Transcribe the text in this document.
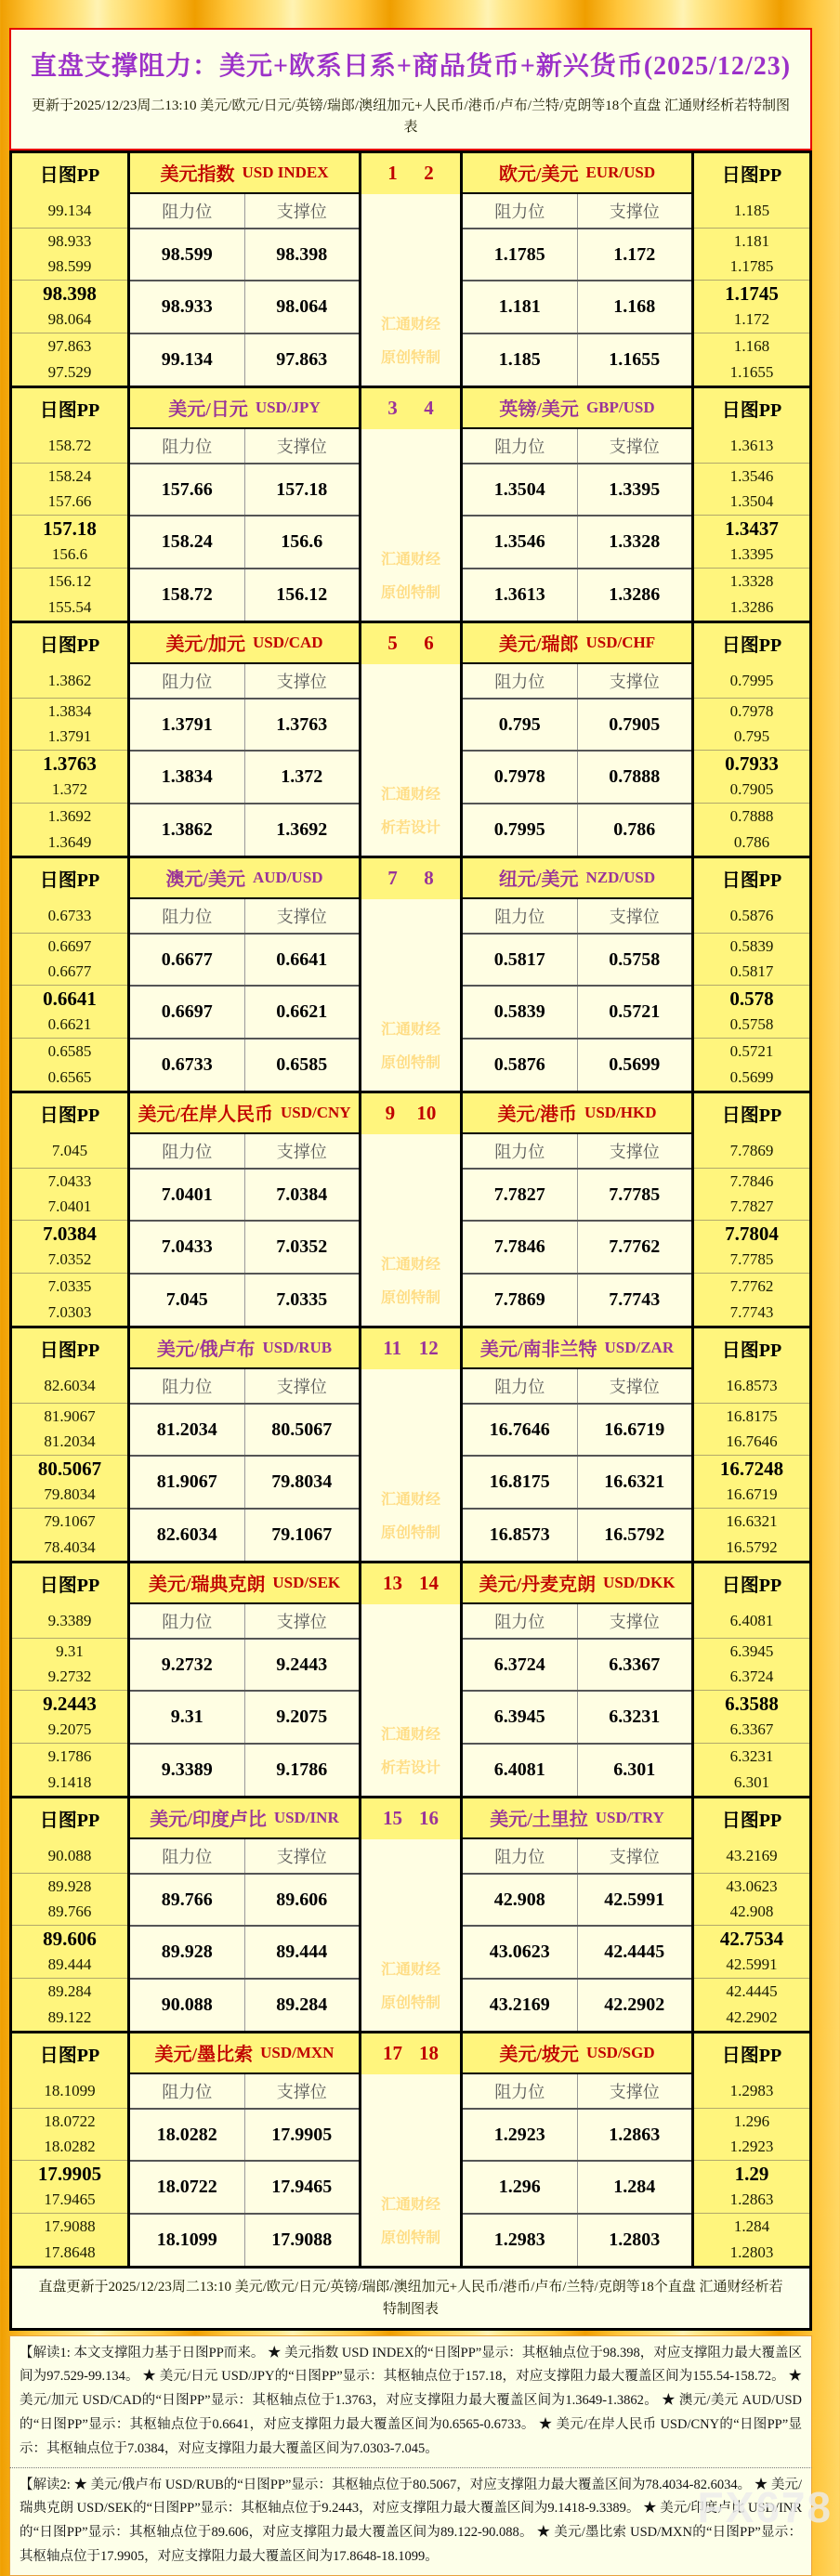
直盘支撑阻力：美元+欧系日系+商品货币+新兴货币(2025/12/23)
更新于2025/12/23周二13:10 美元/欧元/日元/英镑/瑞郎/澳纽加元+人民币/港币/卢布/兰特/克朗等18个直盘 汇通财经析若特制图表
日图PP
99.134
98.933
98.599
98.398
98.064
97.863
97.529
美元指数 USD INDEX
阻力位	支撑位
98.599	98.398
98.933	98.064
99.134	97.863
1 2
汇通财经
原创特制
欧元/美元 EUR/USD
阻力位	支撑位
1.1785	1.172
1.181	1.168
1.185	1.1655
日图PP
1.185
1.181
1.1785
1.1745
1.172
1.168
1.1655
日图PP
158.72
158.24
157.66
157.18
156.6
156.12
155.54
美元/日元 USD/JPY
阻力位	支撑位
157.66	157.18
158.24	156.6
158.72	156.12
3 4
汇通财经
原创特制
英镑/美元 GBP/USD
阻力位	支撑位
1.3504	1.3395
1.3546	1.3328
1.3613	1.3286
日图PP
1.3613
1.3546
1.3504
1.3437
1.3395
1.3328
1.3286
日图PP
1.3862
1.3834
1.3791
1.3763
1.372
1.3692
1.3649
美元/加元 USD/CAD
阻力位	支撑位
1.3791	1.3763
1.3834	1.372
1.3862	1.3692
5 6
汇通财经
析若设计
美元/瑞郎 USD/CHF
阻力位	支撑位
0.795	0.7905
0.7978	0.7888
0.7995	0.786
日图PP
0.7995
0.7978
0.795
0.7933
0.7905
0.7888
0.786
日图PP
0.6733
0.6697
0.6677
0.6641
0.6621
0.6585
0.6565
澳元/美元 AUD/USD
阻力位	支撑位
0.6677	0.6641
0.6697	0.6621
0.6733	0.6585
7 8
汇通财经
原创特制
纽元/美元 NZD/USD
阻力位	支撑位
0.5817	0.5758
0.5839	0.5721
0.5876	0.5699
日图PP
0.5876
0.5839
0.5817
0.578
0.5758
0.5721
0.5699
日图PP
7.045
7.0433
7.0401
7.0384
7.0352
7.0335
7.0303
美元/在岸人民币 USD/CNY
阻力位	支撑位
7.0401	7.0384
7.0433	7.0352
7.045	7.0335
9 10
汇通财经
原创特制
美元/港币 USD/HKD
阻力位	支撑位
7.7827	7.7785
7.7846	7.7762
7.7869	7.7743
日图PP
7.7869
7.7846
7.7827
7.7804
7.7785
7.7762
7.7743
日图PP
82.6034
81.9067
81.2034
80.5067
79.8034
79.1067
78.4034
美元/俄卢布 USD/RUB
阻力位	支撑位
81.2034	80.5067
81.9067	79.8034
82.6034	79.1067
11 12
汇通财经
原创特制
美元/南非兰特 USD/ZAR
阻力位	支撑位
16.7646	16.6719
16.8175	16.6321
16.8573	16.5792
日图PP
16.8573
16.8175
16.7646
16.7248
16.6719
16.6321
16.5792
日图PP
9.3389
9.31
9.2732
9.2443
9.2075
9.1786
9.1418
美元/瑞典克朗 USD/SEK
阻力位	支撑位
9.2732	9.2443
9.31	9.2075
9.3389	9.1786
13 14
汇通财经
析若设计
美元/丹麦克朗 USD/DKK
阻力位	支撑位
6.3724	6.3367
6.3945	6.3231
6.4081	6.301
日图PP
6.4081
6.3945
6.3724
6.3588
6.3367
6.3231
6.301
日图PP
90.088
89.928
89.766
89.606
89.444
89.284
89.122
美元/印度卢比 USD/INR
阻力位	支撑位
89.766	89.606
89.928	89.444
90.088	89.284
15 16
汇通财经
原创特制
美元/土里拉 USD/TRY
阻力位	支撑位
42.908	42.5991
43.0623	42.4445
43.2169	42.2902
日图PP
43.2169
43.0623
42.908
42.7534
42.5991
42.4445
42.2902
日图PP
18.1099
18.0722
18.0282
17.9905
17.9465
17.9088
17.8648
美元/墨比索 USD/MXN
阻力位	支撑位
18.0282	17.9905
18.0722	17.9465
18.1099	17.9088
17 18
汇通财经
原创特制
美元/坡元 USD/SGD
阻力位	支撑位
1.2923	1.2863
1.296	1.284
1.2983	1.2803
日图PP
1.2983
1.296
1.2923
1.29
1.2863
1.284
1.2803
直盘更新于2025/12/23周二13:10 美元/欧元/日元/英镑/瑞郎/澳纽加元+人民币/港币/卢布/兰特/克朗等18个直盘 汇通财经析若特制图表
【解读1: 本文支撑阻力基于日图PP而来。 ★ 美元指数 USD INDEX的“日图PP”显示：其枢轴点位于98.398，对应支撑阻力最大覆盖区间为97.529-99.134。 ★ 美元/日元 USD/JPY的“日图PP”显示：其枢轴点位于157.18，对应支撑阻力最大覆盖区间为155.54-158.72。 ★ 美元/加元 USD/CAD的“日图PP”显示：其枢轴点位于1.3763，对应支撑阻力最大覆盖区间为1.3649-1.3862。 ★ 澳元/美元 AUD/USD的“日图PP”显示：其枢轴点位于0.6641，对应支撑阻力最大覆盖区间为0.6565-0.6733。 ★ 美元/在岸人民币 USD/CNY的“日图PP”显示：其枢轴点位于7.0384，对应支撑阻力最大覆盖区间为7.0303-7.045。
【解读2: ★ 美元/俄卢布 USD/RUB的“日图PP”显示：其枢轴点位于80.5067，对应支撑阻力最大覆盖区间为78.4034-82.6034。 ★ 美元/瑞典克朗 USD/SEK的“日图PP”显示：其枢轴点位于9.2443，对应支撑阻力最大覆盖区间为9.1418-9.3389。 ★ 美元/印度卢比 USD/INR的“日图PP”显示：其枢轴点位于89.606，对应支撑阻力最大覆盖区间为89.122-90.088。 ★ 美元/墨比索 USD/MXN的“日图PP”显示：其枢轴点位于17.9905，对应支撑阻力最大覆盖区间为17.8648-18.1099。
FX678
